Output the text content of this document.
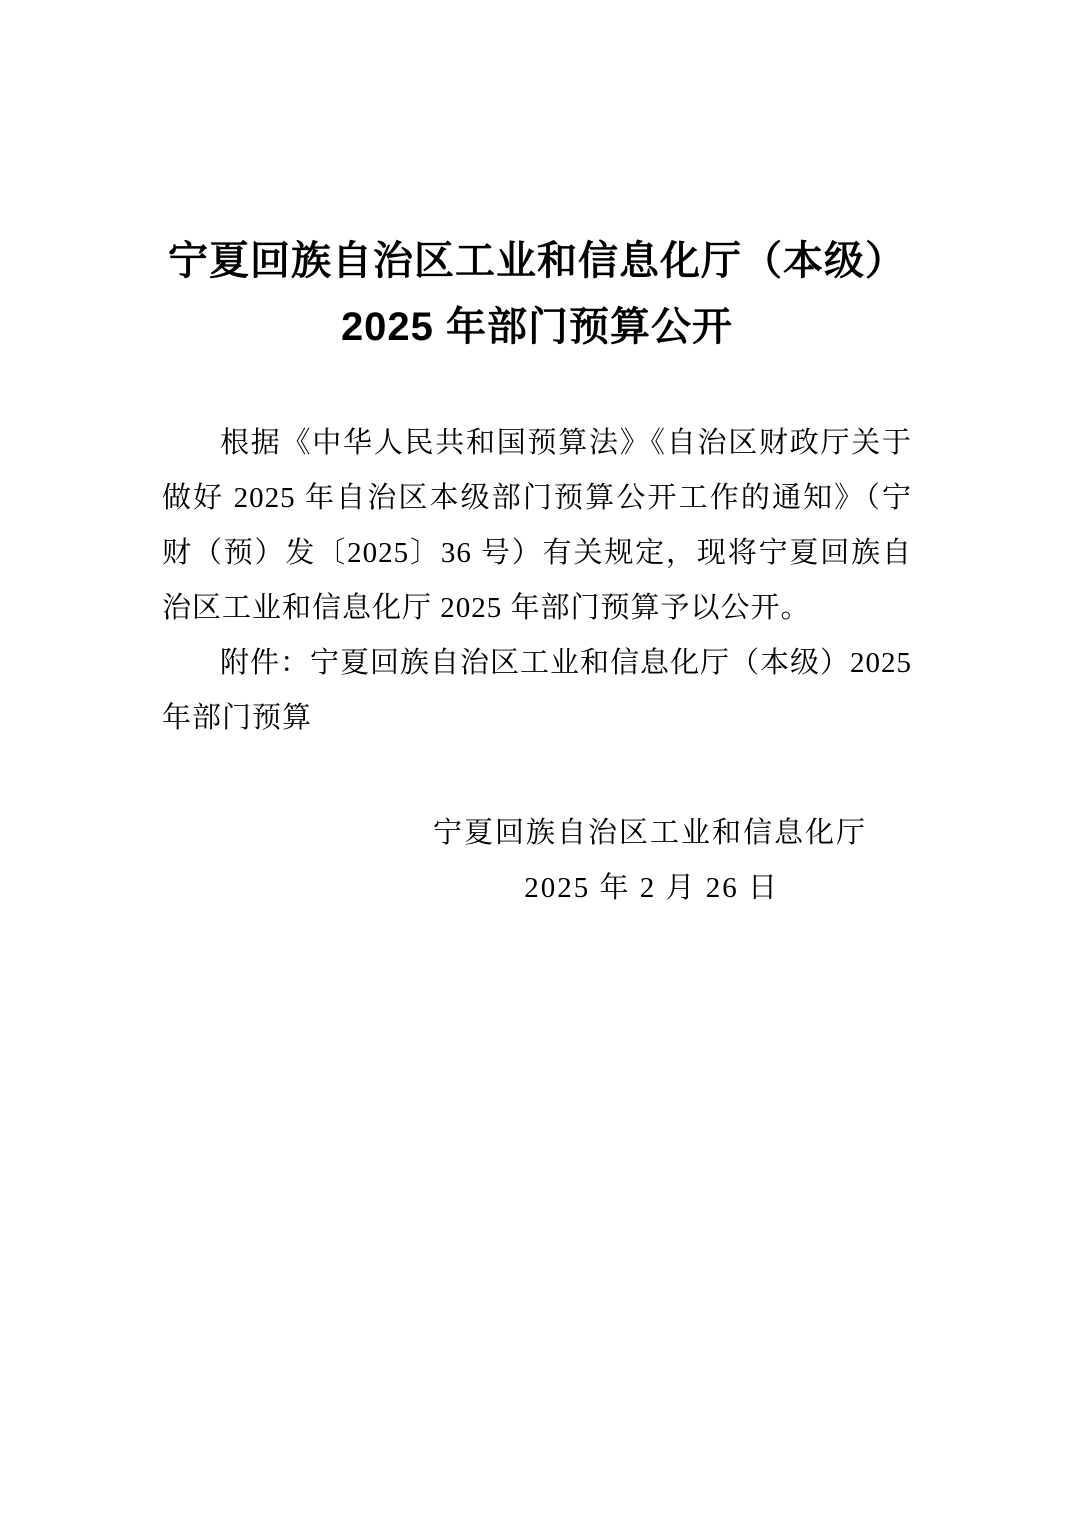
宁夏回族自治区工业和信息化厅（本级）
2025 年部门预算公开

根据《中华人民共和国预算法》《自治区财政厅关于做好 2025 年自治区本级部门预算公开工作的通知》（宁财（预）发〔2025〕36 号）有关规定，现将宁夏回族自治区工业和信息化厅 2025 年部门预算予以公开。

附件：宁夏回族自治区工业和信息化厅（本级）2025 年部门预算

宁夏回族自治区工业和信息化厅
2025 年 2 月 26 日
